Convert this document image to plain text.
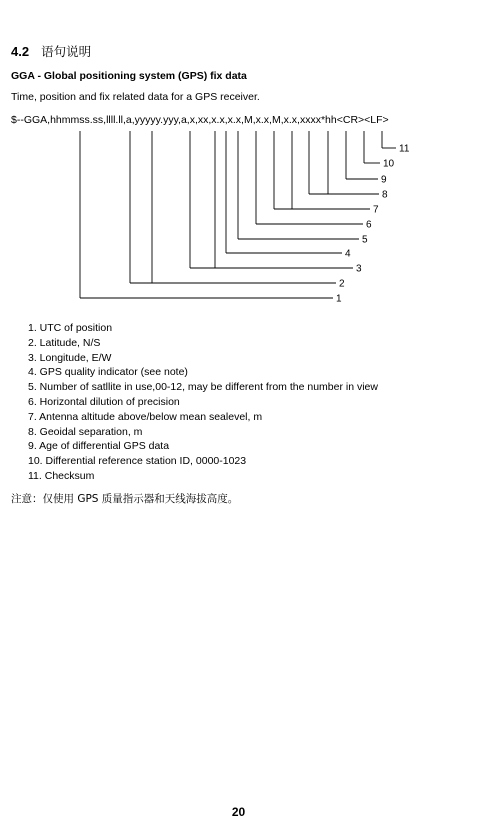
4.2 语句说明
GGA - Global positioning system (GPS) fix data
Time, position and fix related data for a GPS receiver.
$--GGA,hhmmss.ss,llll.ll,a,yyyyy.yyy,a,x,xx,x.x,x.x,M,x.x,M,x.x,xxxx*hh<CR><LF>
11
10
9
8
7
6
5
4
3
2
1
1. UTC of position
2. Latitude, N/S
3. Longitude, E/W
4. GPS quality indicator (see note)
5. Number of satllite in use,00-12, may be different from the number in view
6. Horizontal dilution of precision
7. Antenna altitude above/below mean sealevel, m
8. Geoidal separation, m
9. Age of differential GPS data
10. Differential reference station ID, 0000-1023
11. Checksum
注意：仅使用 GPS 质量指示器和天线海拔高度。
20
